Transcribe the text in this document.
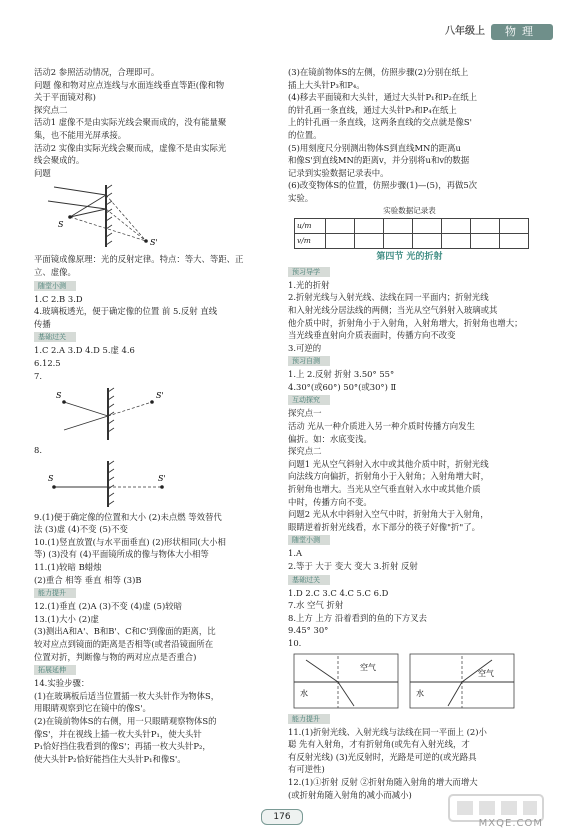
八年级上	物理
活动2 参照活动情况，合理即可。
问题 像和物对应点连线与水面连线垂直等距(像和物
关于平面镜对称)
探究点二
活动1 虚像不是由实际光线会聚而成的，没有能量聚
集，也不能用光屏承接。
活动2 实像由实际光线会聚而成，虚像不是由实际光
线会聚成的。
问题
S
S'
平面镜成像原理：光的反射定律。特点：等大、等距、正
立、虚像。
随堂小测
1.C 2.B 3.D
4.玻璃板透光，便于确定像的位置 前 5.反射 直线
传播
基础过关
1.C 2.A 3.D 4.D 5.虚 4.6
6.12.5
7.
S	S'
8.
S	S'
9.(1)便于确定像的位置和大小 (2)未点燃 等效替代
法 (3)虚 (4)不变 (5)不变
10.(1)竖直放置(与水平面垂直) (2)形状相同(大小相
等) (3)没有 (4)平面镜所成的像与物体大小相等
11.(1)较暗 B蜡烛
(2)重合 相等 垂直 相等 (3)B
能力提升
12.(1)垂直 (2)A (3)不变 (4)虚 (5)较暗
13.(1)大小 (2)虚
(3)测出A和A'、B和B'、C和C'到像面的距离，比
较对应点到镜面的距离是否相等(或者沿镜面所在
位置对折，判断像与物的两对应点是否重合)
拓展延伸
14.实验步骤：
(1)在玻璃板后适当位置插一枚大头针作为物体S，
用眼睛观察到它在镜中的像S'。
(2)在镜前物体S的右侧，用一只眼睛观察物体S的
像S'，并在视线上插一枚大头针P₁，使大头针
P₁恰好挡住我看到的像S'；再插一枚大头针P₂，
使大头针P₂恰好能挡住大头针P₁和像S'。
(3)在镜前物体S的左侧，仿照步骤(2)分别在纸上
插上大头针P₃和P₄。
(4)移去平面镜和大头针，通过大头针P₁和P₂在纸上
的针孔画一条直线，通过大头针P₃和P₄在纸上
上的针孔画一条直线，这两条直线的交点就是像S'
的位置。
(5)用刻度尺分别测出物体S到直线MN的距离u
和像S'到直线MN的距离v，并分别将u和v的数据
记录到实验数据记录表中。
(6)改变物体S的位置，仿照步骤(1)—(5)，再做5次
实验。
实验数据记录表
u/m							
v/m							
第四节 光的折射
预习导学
1.光的折射
2.折射光线与入射光线、法线在同一平面内；折射光线
和入射光线分居法线的两侧；当光从空气斜射入玻璃或其
他介质中时，折射角小于入射角，入射角增大，折射角也增大；
当光线垂直射向介质表面时，传播方向不改变
3.可逆的
预习自测
1.上 2.反射 折射 3.50° 55°
4.30°(或60°) 50°(或30°) Ⅱ
互动探究
探究点一
活动 光从一种介质进入另一种介质时传播方向发生
偏折。如：水底变浅。
探究点二
问题1 光从空气斜射入水中或其他介质中时，折射光线
向法线方向偏折，折射角小于入射角；入射角增大时，
折射角也增大。当光从空气垂直射入水中或其他介质
中时，传播方向不变。
问题2 光从水中斜射入空气中时，折射角大于入射角，
眼睛逆着折射光线看，水下部分的筷子好像"折"了。
随堂小测
1.A
2.等于 大于 变大 变大 3.折射 反射
基础过关
1.D 2.C 3.C 4.C 5.C 6.D
7.水 空气 折射
8.上方 上方 沿着看到的鱼的下方叉去
9.45° 30°
10.
空气
水
空气
水
能力提升
11.(1)折射光线、入射光线与法线在同一平面上 (2)小
聪 先有入射角，才有折射角(或先有入射光线，才
有反射光线) (3)光反射时，光路是可逆的(或光路具
有可逆性)
12.(1)①折射 反射 ②折射角随入射角的增大而增大
(或折射角随入射角的减小而减小)
176
MXQE.COM
